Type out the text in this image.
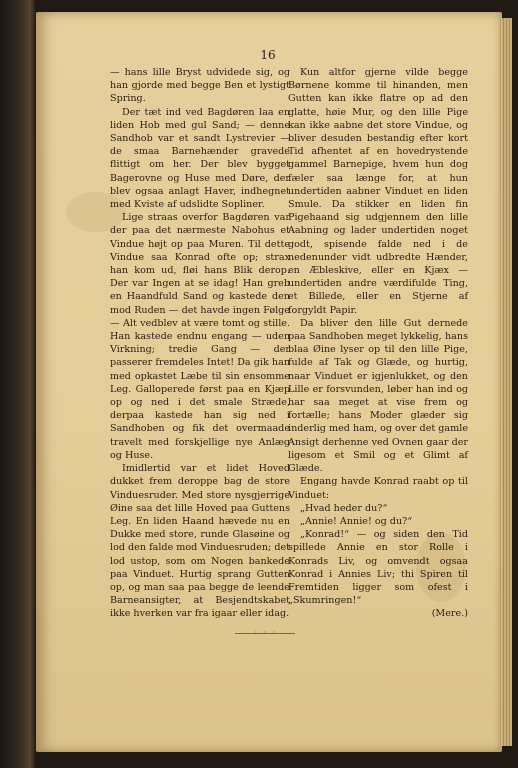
16

— hans lille Bryst udvidede sig, og han gjorde med begge Ben et lystigt Spring.

Der tæt ind ved Bagdøren laa en liden Hob med gul Sand; — denne Sandhob var et sandt Lystrevier — de smaa Barnehænder gravede flittigt om her. Der blev bygget Bagerovne og Huse med Døre, der blev ogsaa anlagt Haver, indhegnet med Kviste af udslidte Sopliner.

Lige straas overfor Bagdøren var der paa det nærmeste Nabohus et Vindue højt op paa Muren. Til dette Vindue saa Konrad ofte op; strax han kom ud, fløi hans Blik derop. Der var Ingen at se idag! Han greb en Haandfuld Sand og kastede den mod Ruden — det havde ingen Følge — Alt vedblev at være tomt og stille. Han kastede endnu engang — uden Virkning; tredie Gang — der passerer fremdeles Intet! Da gik han med opkastet Læbe til sin ensomme Leg. Galloperede først paa en Kjæp op og ned i det smale Stræde, derpaa kastede han sig ned i Sandhoben og fik det overmaade travelt med forskjellige nye Anlæg og Huse.

Imidlertid var et lidet Hoved dukket frem deroppe bag de store Vinduesruder. Med store nysgjerrige Øine saa det lille Hoved paa Guttens Leg. En liden Haand hævede nu en Dukke med store, runde Glasøine og lod den falde mod Vinduesruden; det lod ustop, som om Nogen bankede paa Vinduet. Hurtig sprang Gutten op, og man saa paa begge de leende Barneansigter, at Besjendtskabet ikke hverken var fra igaar eller idag.

Kun altfor gjerne vilde begge Børnene komme til hinanden, men Gutten kan ikke flatre op ad den glatte, høie Mur, og den lille Pige kan ikke aabne det store Vindue, og bliver desuden bestandig efter kort Tid afhentet af en hovedrystende gammel Barnepige, hvem hun dog fæler saa længe for, at hun undertiden aabner Vinduet en liden Smule. Da stikker en liden fin Pigehaand sig udgjennem den lille Aabning og lader undertiden noget godt, spisende falde ned i de nedenunder vidt udbredte Hænder, en Æbleskive, eller en Kjæx — undertiden andre værdifulde Ting, et Billede, eller en Stjerne af forgyldt Papir.

Da bliver den lille Gut dernede paa Sandhoben meget lykkelig, hans blaa Øine lyser op til den lille Pige, fulde af Tak og Glæde, og hurtig, naar Vinduet er igjenlukket, og den Lille er forsvunden, løber han ind og har saa meget at vise frem og fortælle; hans Moder glæder sig inderlig med ham, og over det gamle Ansigt derhenne ved Ovnen gaar der ligesom et Smil og et Glimt af Glæde.

Engang havde Konrad raabt op til Vinduet:

„Hvad heder du?“

„Annie! Annie! og du?“

„Konrad!“ — og siden den Tid spillede Annie en stor Rolle i Konrads Liv, og omvendt ogsaa Konrad i Annies Liv; thi Spiren til Fremtiden ligger som ofest i „Skumringen!“

(Mere.)

· · ·
